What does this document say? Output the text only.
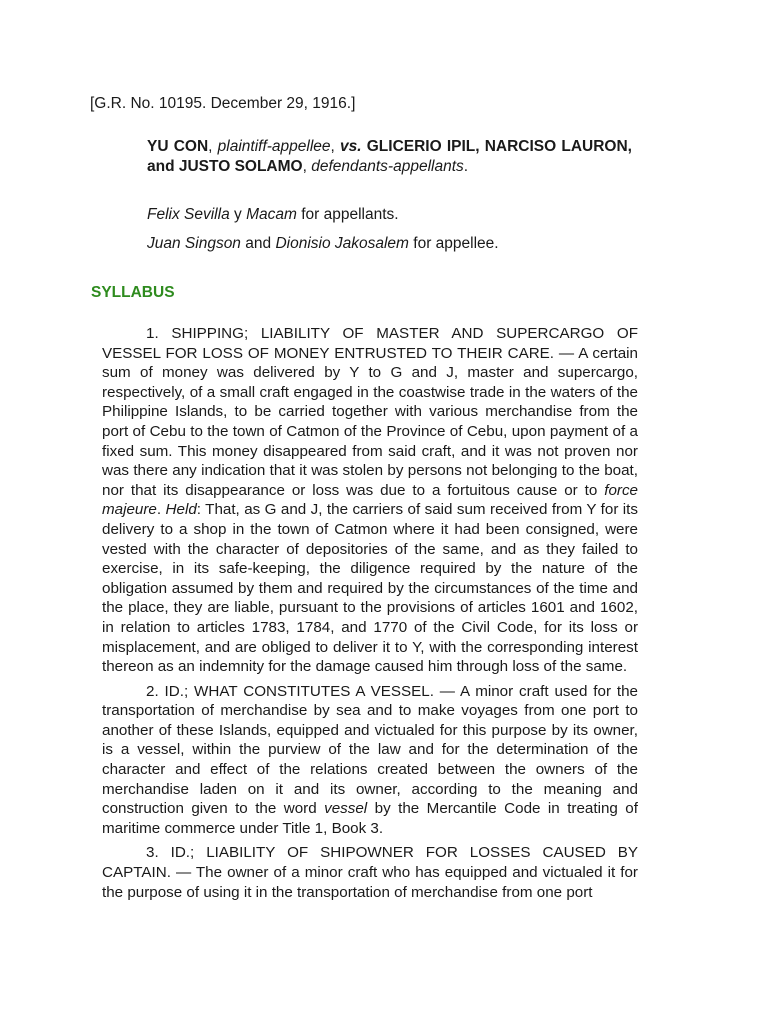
[G.R. No. 10195. December 29, 1916.]

YU CON, plaintiff-appellee, vs. GLICERIO IPIL, NARCISO LAURON, and JUSTO SOLAMO, defendants-appellants.

Felix Sevilla y Macam for appellants.

Juan Singson and Dionisio Jakosalem for appellee.

SYLLABUS

1. SHIPPING; LIABILITY OF MASTER AND SUPERCARGO OF VESSEL FOR LOSS OF MONEY ENTRUSTED TO THEIR CARE. — A certain sum of money was delivered by Y to G and J, master and supercargo, respectively, of a small craft engaged in the coastwise trade in the waters of the Philippine Islands, to be carried together with various merchandise from the port of Cebu to the town of Catmon of the Province of Cebu, upon payment of a fixed sum. This money disappeared from said craft, and it was not proven nor was there any indication that it was stolen by persons not belonging to the boat, nor that its disappearance or loss was due to a fortuitous cause or to force majeure. Held: That, as G and J, the carriers of said sum received from Y for its delivery to a shop in the town of Catmon where it had been consigned, were vested with the character of depositories of the same, and as they failed to exercise, in its safe-keeping, the diligence required by the nature of the obligation assumed by them and required by the circumstances of the time and the place, they are liable, pursuant to the provisions of articles 1601 and 1602, in relation to articles 1783, 1784, and 1770 of the Civil Code, for its loss or misplacement, and are obliged to deliver it to Y, with the corresponding interest thereon as an indemnity for the damage caused him through loss of the same.

2. ID.; WHAT CONSTITUTES A VESSEL. — A minor craft used for the transportation of merchandise by sea and to make voyages from one port to another of these Islands, equipped and victualed for this purpose by its owner, is a vessel, within the purview of the law and for the determination of the character and effect of the relations created between the owners of the merchandise laden on it and its owner, according to the meaning and construction given to the word vessel by the Mercantile Code in treating of maritime commerce under Title 1, Book 3.

3. ID.; LIABILITY OF SHIPOWNER FOR LOSSES CAUSED BY CAPTAIN. — The owner of a minor craft who has equipped and victualed it for the purpose of using it in the transportation of merchandise from one port
